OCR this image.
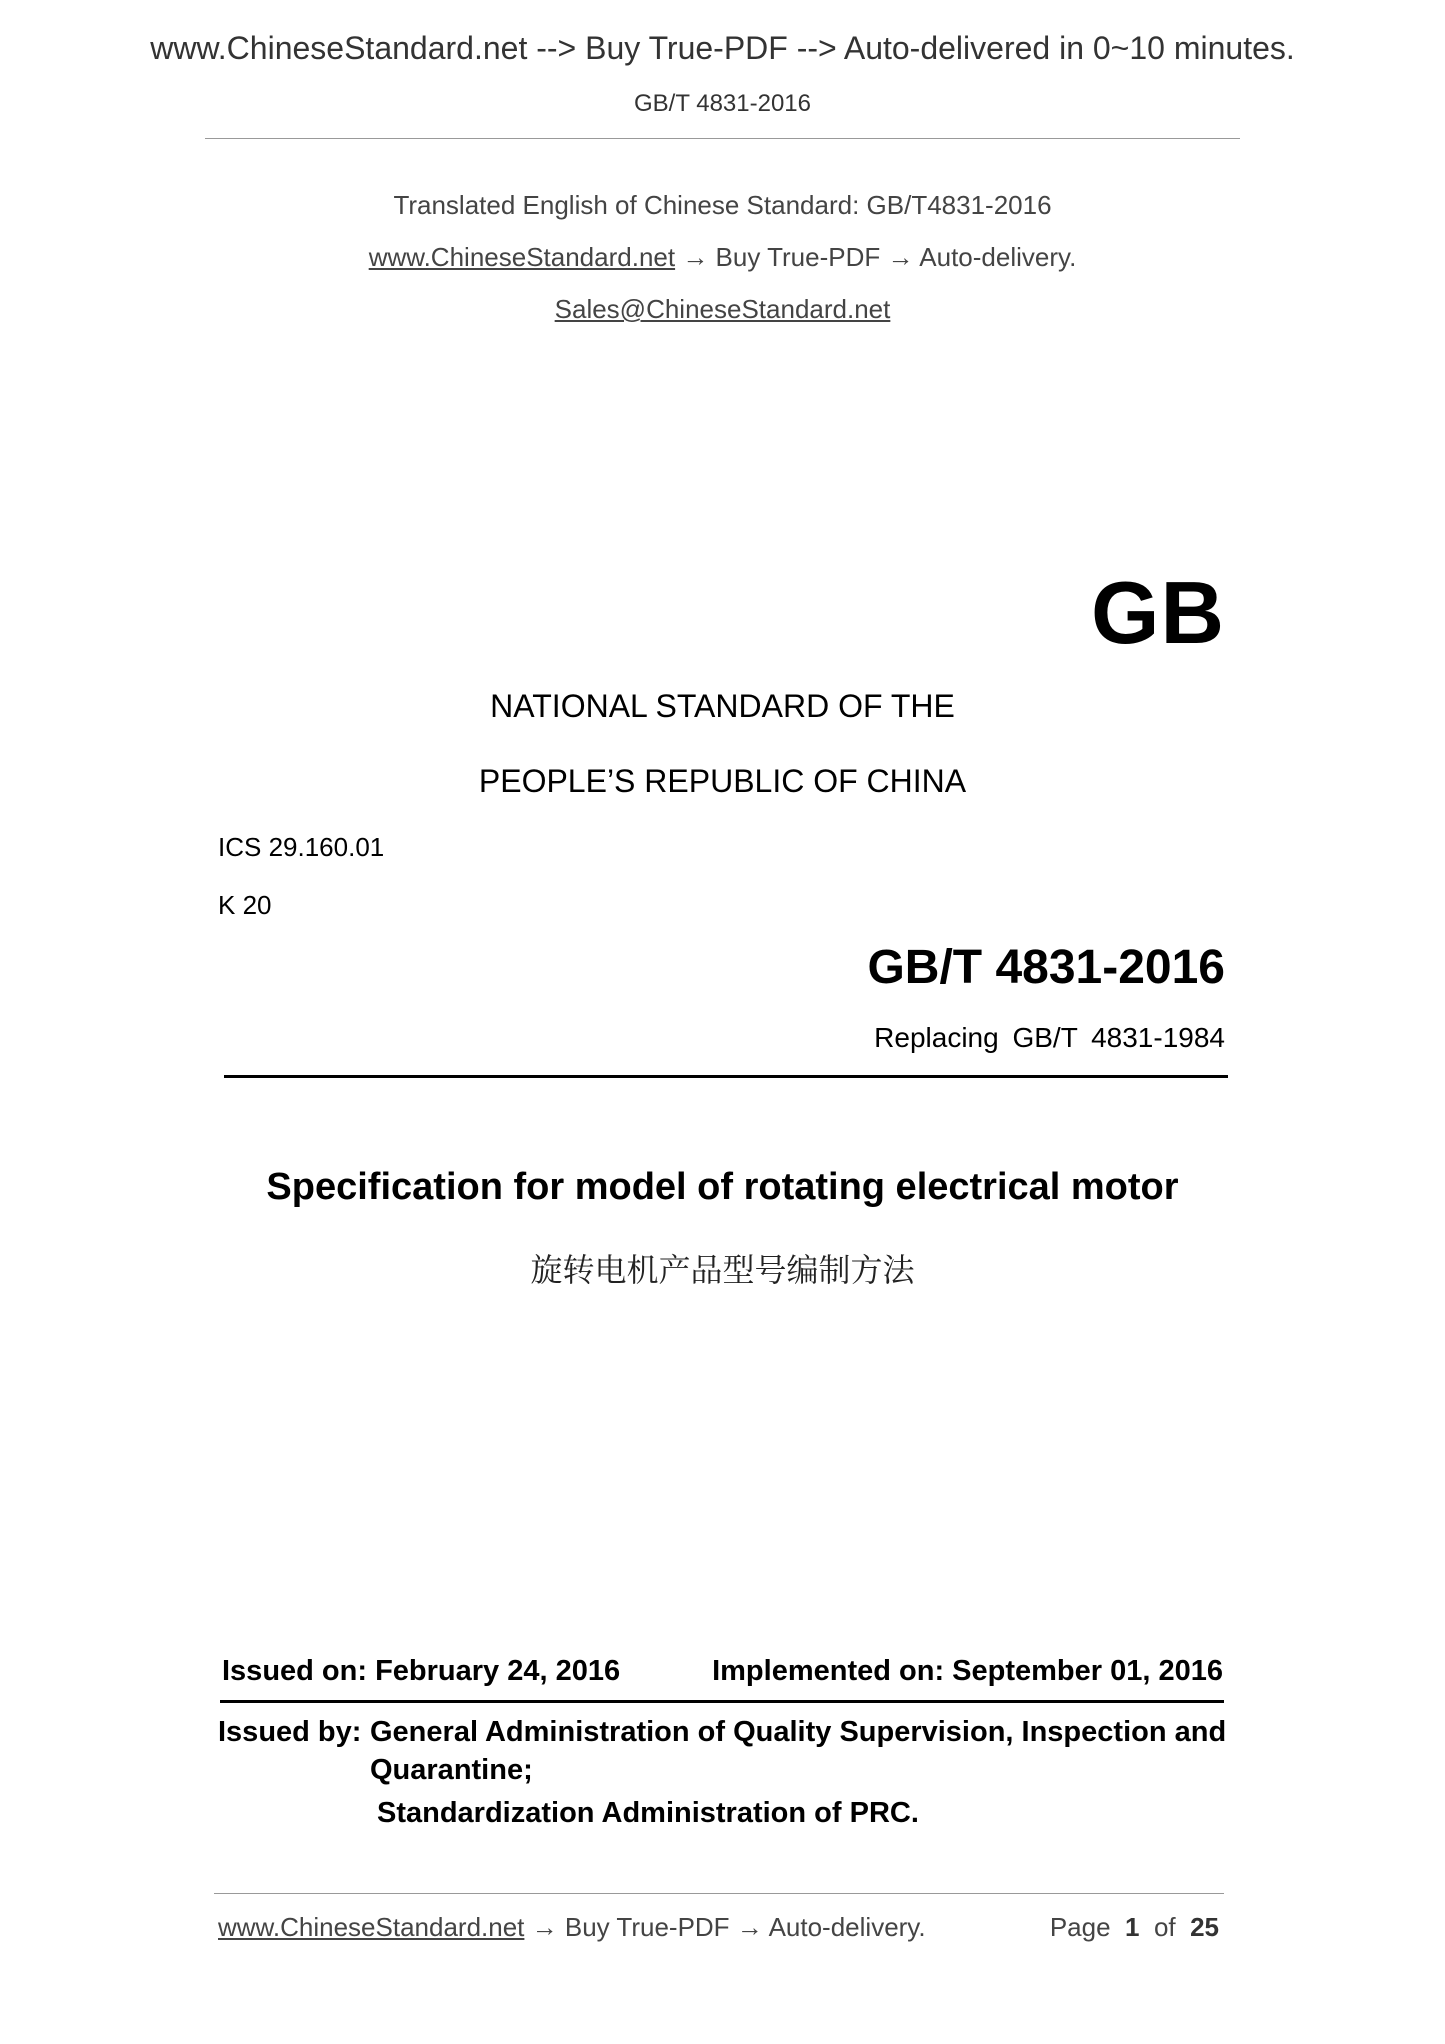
www.ChineseStandard.net --> Buy True-PDF --> Auto-delivered in 0~10 minutes.
GB/T 4831-2016
Translated English of Chinese Standard: GB/T4831-2016
www.ChineseStandard.net → Buy True-PDF → Auto-delivery.
Sales@ChineseStandard.net
GB
NATIONAL STANDARD OF THE
PEOPLE’S REPUBLIC OF CHINA
ICS 29.160.01
K 20
GB/T 4831-2016
Replacing GB/T 4831-1984
Specification for model of rotating electrical motor
旋转电机产品型号编制方法
Issued on: February 24, 2016	Implemented on: September 01, 2016
Issued by: General Administration of Quality Supervision, Inspection and Quarantine;
Standardization Administration of PRC.
www.ChineseStandard.net → Buy True-PDF → Auto-delivery.	Page 1 of 25
